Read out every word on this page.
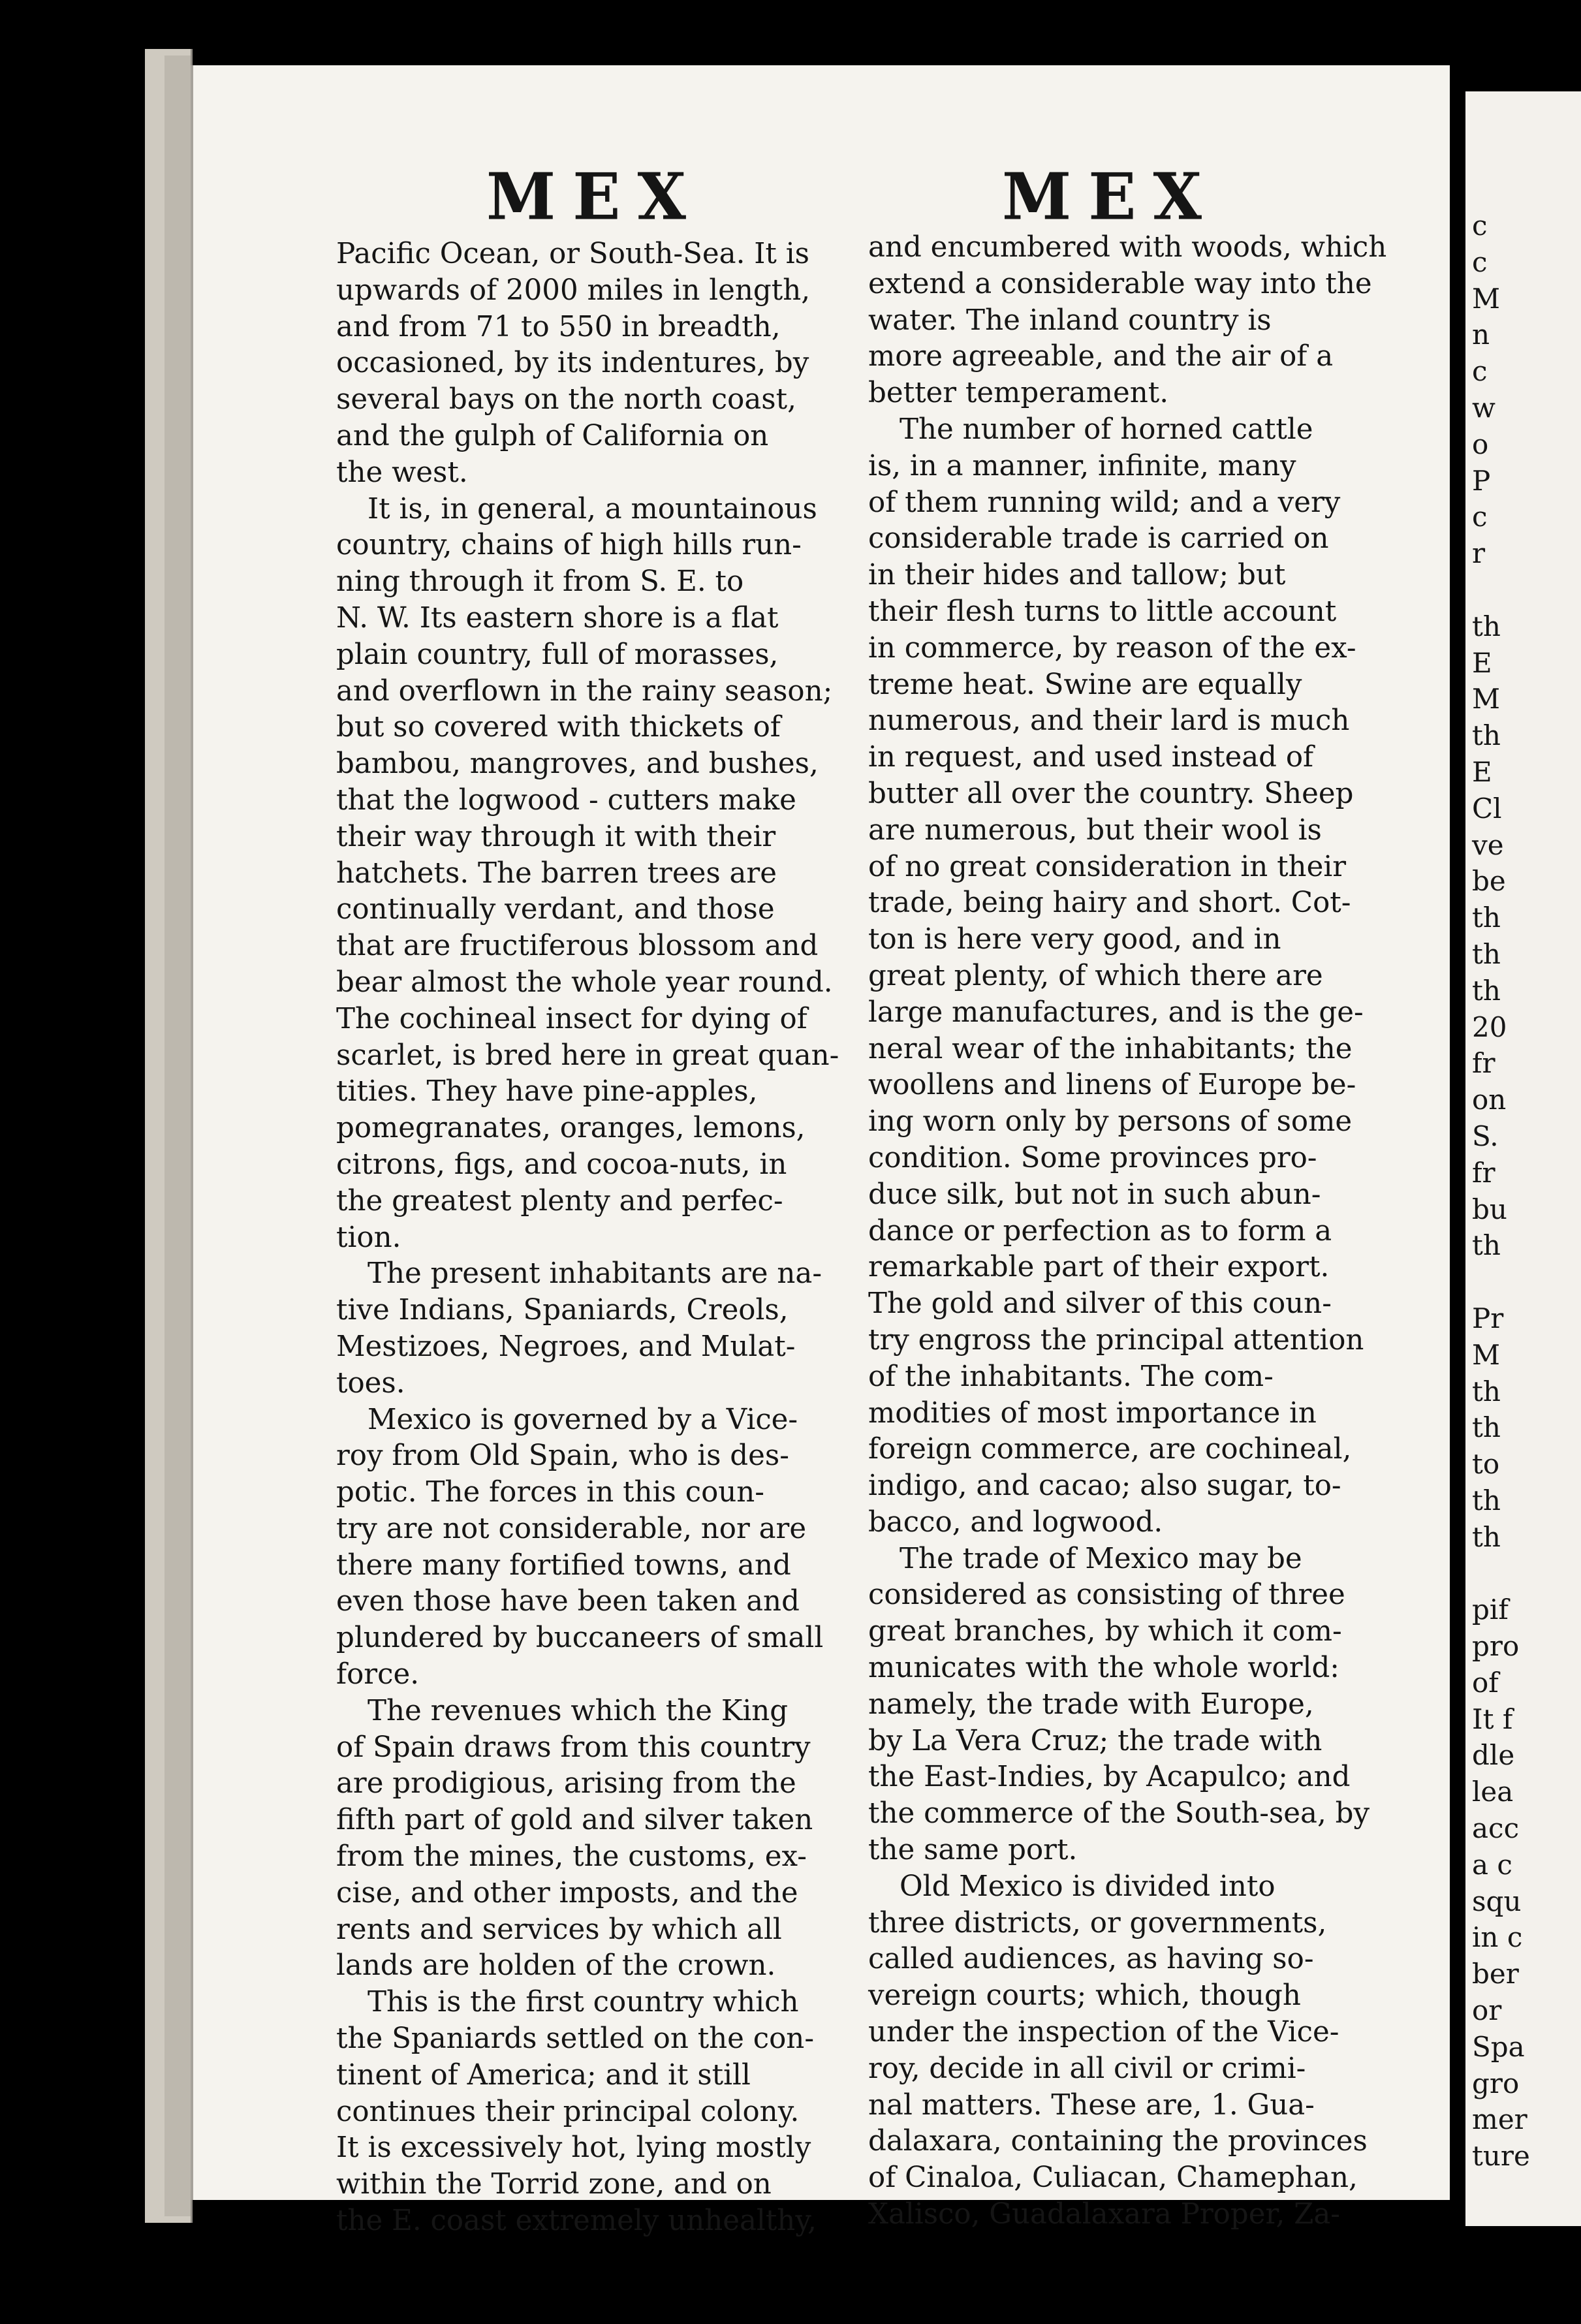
MEX	MEX
Pacific Ocean, or South-Sea. It is
upwards of 2000 miles in length,
and from 71 to 550 in breadth,
occasioned, by its indentures, by
several bays on the north coast,
and the gulph of California on
the west.
It is, in general, a mountainous
country, chains of high hills run-
ning through it from S. E. to
N. W. Its eastern shore is a flat
plain country, full of morasses,
and overflown in the rainy season;
but so covered with thickets of
bambou, mangroves, and bushes,
that the logwood - cutters make
their way through it with their
hatchets. The barren trees are
continually verdant, and those
that are fructiferous blossom and
bear almost the whole year round.
The cochineal insect for dying of
scarlet, is bred here in great quan-
tities. They have pine-apples,
pomegranates, oranges, lemons,
citrons, figs, and cocoa-nuts, in
the greatest plenty and perfec-
tion.
The present inhabitants are na-
tive Indians, Spaniards, Creols,
Mestizoes, Negroes, and Mulat-
toes.
Mexico is governed by a Vice-
roy from Old Spain, who is des-
potic. The forces in this coun-
try are not considerable, nor are
there many fortified towns, and
even those have been taken and
plundered by buccaneers of small
force.
The revenues which the King
of Spain draws from this country
are prodigious, arising from the
fifth part of gold and silver taken
from the mines, the customs, ex-
cise, and other imposts, and the
rents and services by which all
lands are holden of the crown.
This is the first country which
the Spaniards settled on the con-
tinent of America; and it still
continues their principal colony.
It is excessively hot, lying mostly
within the Torrid zone, and on
the E. coast extremely unhealthy,
and encumbered with woods, which
extend a considerable way into the
water. The inland country is
more agreeable, and the air of a
better temperament.
The number of horned cattle
is, in a manner, infinite, many
of them running wild; and a very
considerable trade is carried on
in their hides and tallow; but
their flesh turns to little account
in commerce, by reason of the ex-
treme heat. Swine are equally
numerous, and their lard is much
in request, and used instead of
butter all over the country. Sheep
are numerous, but their wool is
of no great consideration in their
trade, being hairy and short. Cot-
ton is here very good, and in
great plenty, of which there are
large manufactures, and is the ge-
neral wear of the inhabitants; the
woollens and linens of Europe be-
ing worn only by persons of some
condition. Some provinces pro-
duce silk, but not in such abun-
dance or perfection as to form a
remarkable part of their export.
The gold and silver of this coun-
try engross the principal attention
of the inhabitants. The com-
modities of most importance in
foreign commerce, are cochineal,
indigo, and cacao; also sugar, to-
bacco, and logwood.
The trade of Mexico may be
considered as consisting of three
great branches, by which it com-
municates with the whole world:
namely, the trade with Europe,
by La Vera Cruz; the trade with
the East-Indies, by Acapulco; and
the commerce of the South-sea, by
the same port.
Old Mexico is divided into
three districts, or governments,
called audiences, as having so-
vereign courts; which, though
under the inspection of the Vice-
roy, decide in all civil or crimi-
nal matters. These are, 1. Gua-
dalaxara, containing the provinces
of Cinaloa, Culiacan, Chamephan,
Xalisco, Guadalaxara Proper, Za-
c
c
M
n
c
w
o
P
c
r
th
E
M
th
E
Cl
ve
be
th
th
th
20
fr
on
S.
fr
bu
th
Pr
M
th
th
to
th
th
pif
pro
of
It f
dle
lea
acc
a c
squ
in c
ber
or
Spa
gro
mer
ture
